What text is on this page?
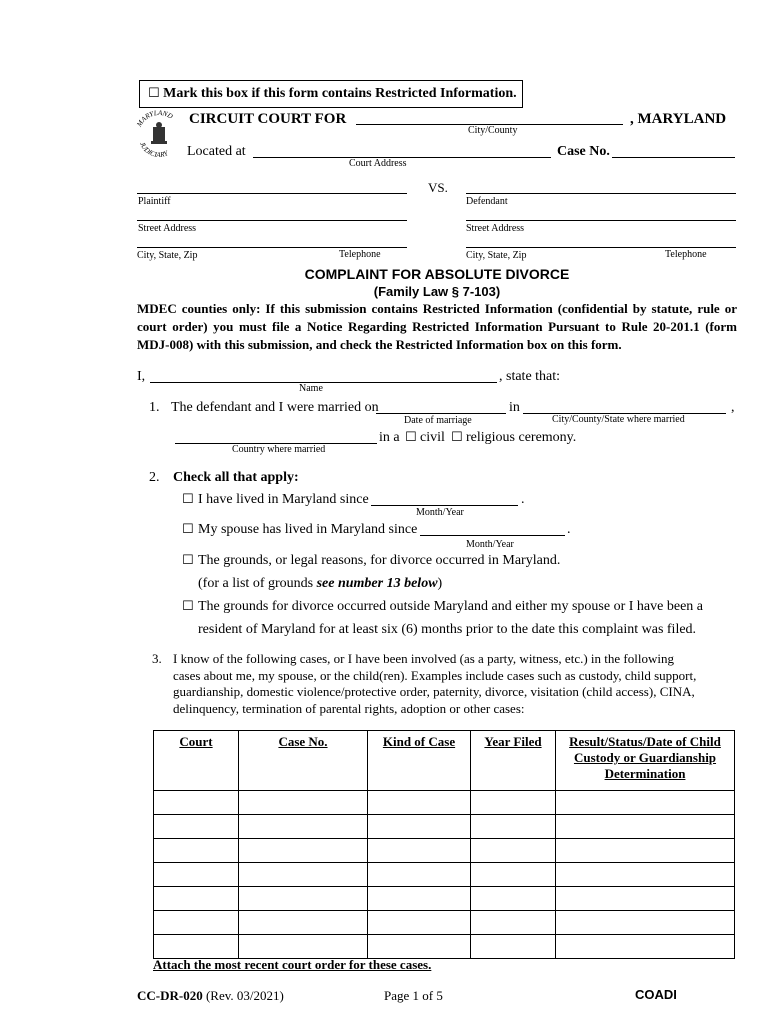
☐ Mark this box if this form contains Restricted Information.
MARYLAND
JUDICIARY
CIRCUIT COURT FOR
City/County
, MARYLAND
Located at
Court Address
Case No.
VS.
Plaintiff	Defendant
Street Address	Street Address
City, State, Zip	Telephone	City, State, Zip	Telephone
COMPLAINT FOR ABSOLUTE DIVORCE
(Family Law § 7-103)
MDEC counties only: If this submission contains Restricted Information (confidential by statute, rule or court order) you must file a Notice Regarding Restricted Information Pursuant to Rule 20-201.1 (form MDJ-008) with this submission, and check the Restricted Information box on this form.
I,
Name
, state that:
1. The defendant and I were married on
Date of marriage
in
City/County/State where married
,
Country where married
in a ☐ civil ☐ religious ceremony.
2. Check all that apply:
☐ I have lived in Maryland since	.
Month/Year
☐ My spouse has lived in Maryland since	.
Month/Year
☐ The grounds, or legal reasons, for divorce occurred in Maryland.
(for a list of grounds see number 13 below)
☐ The grounds for divorce occurred outside Maryland and either my spouse or I have been a
resident of Maryland for at least six (6) months prior to the date this complaint was filed.
3. I know of the following cases, or I have been involved (as a party, witness, etc.) in the following
cases about me, my spouse, or the child(ren). Examples include cases such as custody, child support,
guardianship, domestic violence/protective order, paternity, divorce, visitation (child access), CINA,
delinquency, termination of parental rights, adoption or other cases:
Court	Case No.	Kind of Case	Year Filed	Result/Status/Date of Child Custody or Guardianship Determination

Attach the most recent court order for these cases.
CC-DR-020 (Rev. 03/2021)	Page 1 of 5	COADI
